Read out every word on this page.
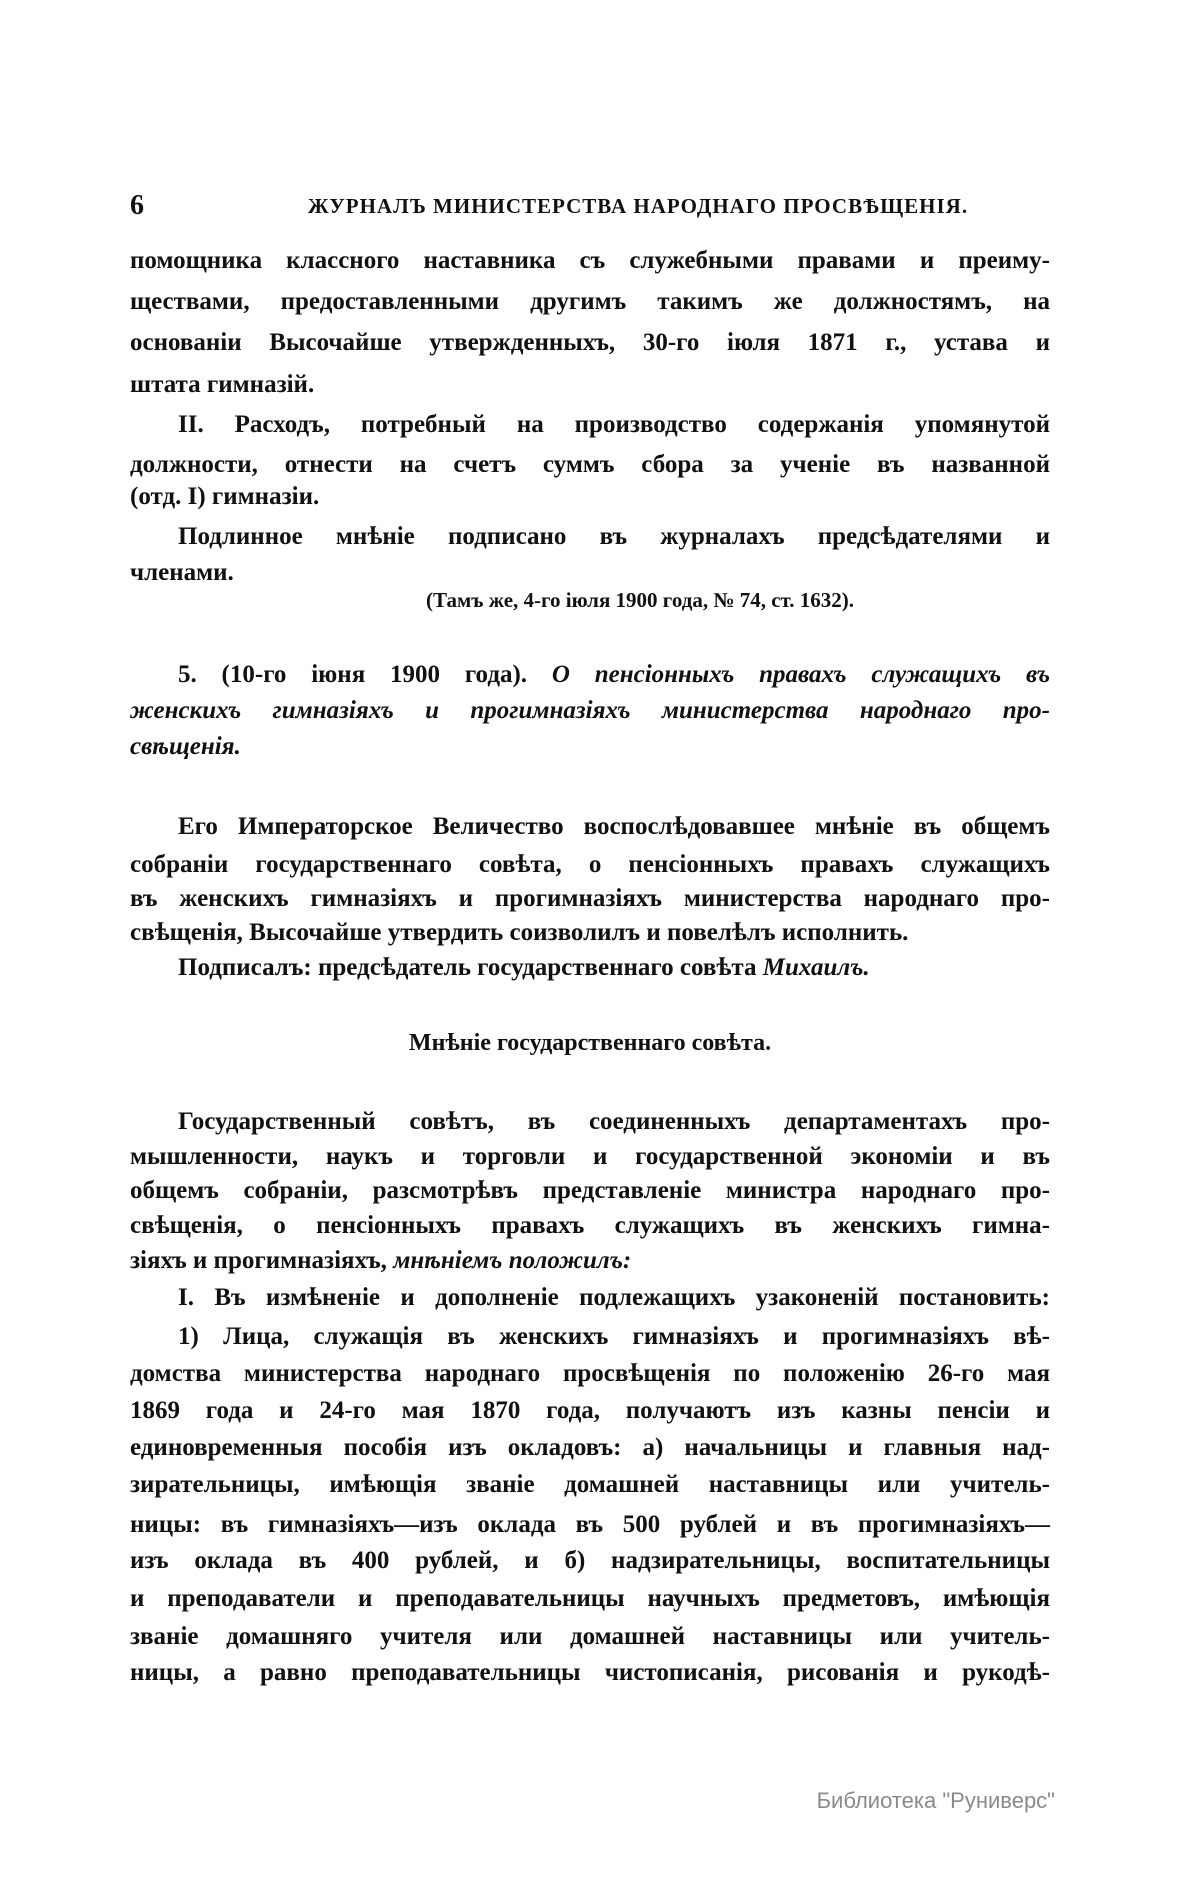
6	ЖУРНАЛЪ МИНИСТЕРСТВА НАРОДНАГО ПРОСВѢЩЕНІЯ.
помощника классного наставника съ служебными правами и преиму-
ществами, предоставленными другимъ такимъ же должностямъ, на
основаніи Высочайше утвержденныхъ, 30-го іюля 1871 г., устава и
штата гимназій.
II. Расходъ, потребный на производство содержанія упомянутой
должности, отнести на счетъ суммъ сбора за ученіе въ названной
(отд. I) гимназіи.
Подлинное мнѣніе подписано въ журналахъ предсѣдателями и
членами.
5. (10-го іюня 1900 года). О пенсіонныхъ правахъ служащихъ въ
женскихъ гимназіяхъ и прогимназіяхъ министерства народнаго про-
свѣщенія.
Его Императорское Величество воспослѣдовавшее мнѣніе въ общемъ
собраніи государственнаго совѣта, о пенсіонныхъ правахъ служащихъ
въ женскихъ гимназіяхъ и прогимназіяхъ министерства народнаго про-
свѣщенія, Высочайше утвердить соизволилъ и повелѣлъ исполнить.
Подписалъ: предсѣдатель государственнаго совѣта Михаилъ.
Государственный совѣтъ, въ соединенныхъ департаментахъ про-
мышленности, наукъ и торговли и государственной экономіи и въ
общемъ собраніи, разсмотрѣвъ представленіе министра народнаго про-
свѣщенія, о пенсіонныхъ правахъ служащихъ въ женскихъ гимна-
зіяхъ и прогимназіяхъ, мнѣніемъ положилъ:
I. Въ измѣненіе и дополненіе подлежащихъ узаконеній постановить:
1) Лица, служащія въ женскихъ гимназіяхъ и прогимназіяхъ вѣ-
домства министерства народнаго просвѣщенія по положенію 26-го мая
1869 года и 24-го мая 1870 года, получаютъ изъ казны пенсіи и
единовременныя пособія изъ окладовъ: а) начальницы и главныя над-
зирательницы, имѣющія званіе домашней наставницы или учитель-
ницы: въ гимназіяхъ—изъ оклада въ 500 рублей и въ прогимназіяхъ—
изъ оклада въ 400 рублей, и б) надзирательницы, воспитательницы
и преподаватели и преподавательницы научныхъ предметовъ, имѣющія
званіе домашняго учителя или домашней наставницы или учитель-
ницы, а равно преподавательницы чистописанія, рисованія и рукодѣ-
(Тамъ же, 4-го іюля 1900 года, № 74, ст. 1632).
Мнѣніе государственнаго совѣта.
Библиотека "Руниверс"
